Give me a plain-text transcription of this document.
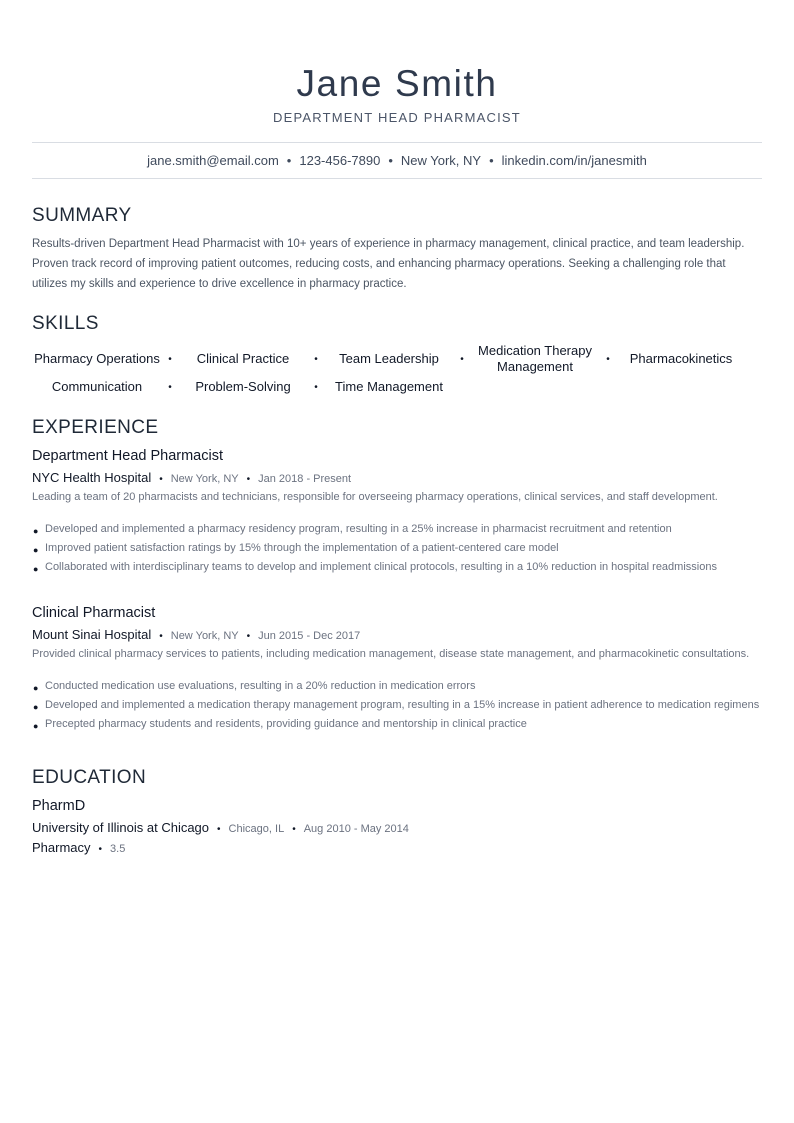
Jane Smith
DEPARTMENT HEAD PHARMACIST
jane.smith@email.com • 123-456-7890 • New York, NY • linkedin.com/in/janesmith
SUMMARY
Results-driven Department Head Pharmacist with 10+ years of experience in pharmacy management, clinical practice, and team leadership. Proven track record of improving patient outcomes, reducing costs, and enhancing pharmacy operations. Seeking a challenging role that utilizes my skills and experience to drive excellence in pharmacy practice.
SKILLS
Pharmacy Operations •	Clinical Practice	•	Team Leadership	•
Medication Therapy Management	•	Pharmacokinetics
Communication	•	Problem-Solving	•	Time Management
EXPERIENCE
Department Head Pharmacist
NYC Health Hospital • New York, NY • Jan 2018 - Present
Leading a team of 20 pharmacists and technicians, responsible for overseeing pharmacy operations, clinical services, and staff development.
● Developed and implemented a pharmacy residency program, resulting in a 25% increase in pharmacist recruitment and retention
● Improved patient satisfaction ratings by 15% through the implementation of a patient-centered care model
● Collaborated with interdisciplinary teams to develop and implement clinical protocols, resulting in a 10% reduction in hospital readmissions
Clinical Pharmacist
Mount Sinai Hospital • New York, NY • Jun 2015 - Dec 2017
Provided clinical pharmacy services to patients, including medication management, disease state management, and pharmacokinetic consultations.
● Conducted medication use evaluations, resulting in a 20% reduction in medication errors
● Developed and implemented a medication therapy management program, resulting in a 15% increase in patient adherence to medication regimens
● Precepted pharmacy students and residents, providing guidance and mentorship in clinical practice
EDUCATION
PharmD
University of Illinois at Chicago • Chicago, IL • Aug 2010 - May 2014
Pharmacy • 3.5
